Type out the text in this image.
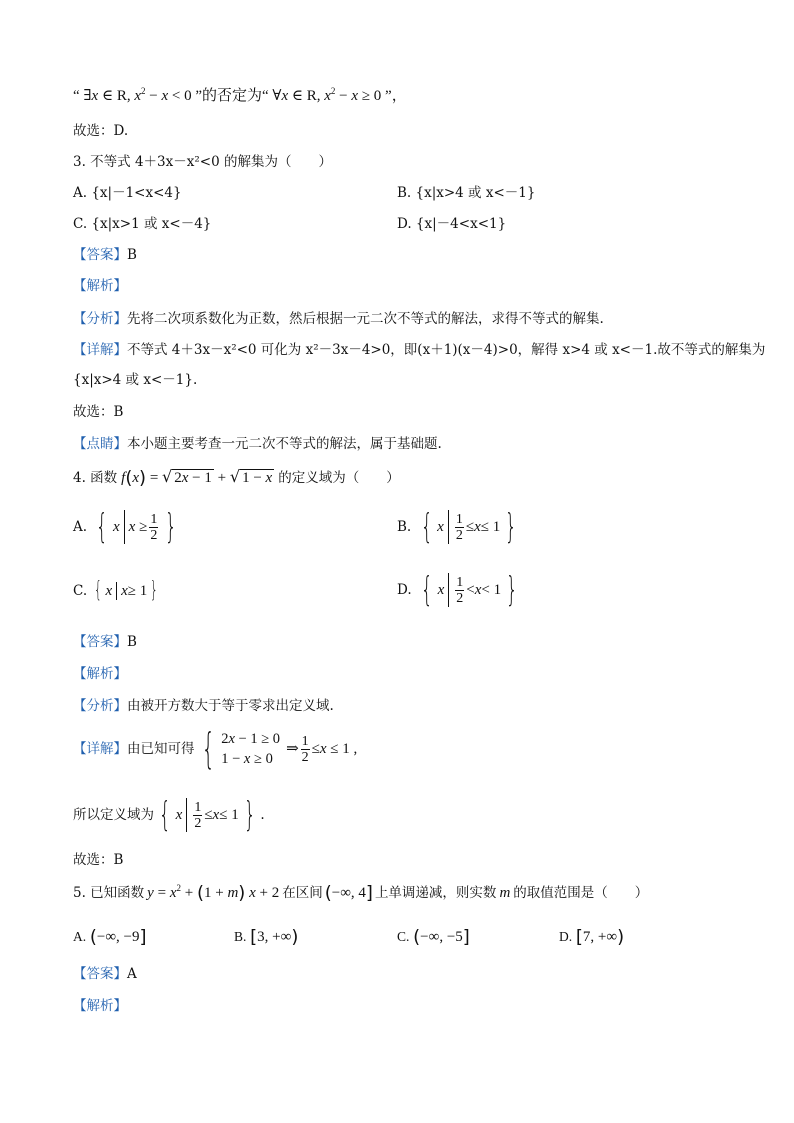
“ ∃x ∈ R, $x^2 - x < 0$ ”的否定为“ ∀x ∈ R, $x^2 - x \ge 0$ ”，
故选：D.
3. 不等式 4＋3x－x²<0 的解集为（　　）
A. {x|－1<x<4}	B. {x|x>4 或 x<－1}
C. {x|x>1 或 x<－4}	D. {x|－4<x<1}
【答案】B
【解析】
【分析】先将二次项系数化为正数，然后根据一元二次不等式的解法，求得不等式的解集.
【详解】不等式 4＋3x－x²<0 可化为 x²－3x－4>0，即(x＋1)(x－4)>0，解得 x>4 或 x<－1.故不等式的解集为
{x|x>4 或 x<－1}.
故选：B
【点睛】本小题主要考查一元二次不等式的解法，属于基础题.
4. 函数 f(x) = √ 2x − 1 + √ 1 − x 的定义域为（　　）
A. { x $x \ge \frac{1}{2}$ }	B. { x $\frac{1}{2} \le x \le 1$ }
C. { x x ≥ 1 }	D. { x $\frac{1}{2} < x < 1$ }
【答案】B
【解析】
【分析】由被开方数大于等于零求出定义域.
【详解】 由已知可得 { 2x − 1 ≥ 0
1 − x ≥ 0
⇒ $\frac{1}{2} \le x \le 1$ ,
所以定义域为 { x $\frac{1}{2} \le x \le 1$ } .
故选：B
5. 已知函数 $y = x^2 + (1 + m) x + 2$ 在区间 (−∞, 4] 上单调递减，则实数 m 的取值范围是（　　）
A. (−∞, −9]	B. [3, +∞)	C. (−∞, −5]	D. [7, +∞)
【答案】A
【解析】
